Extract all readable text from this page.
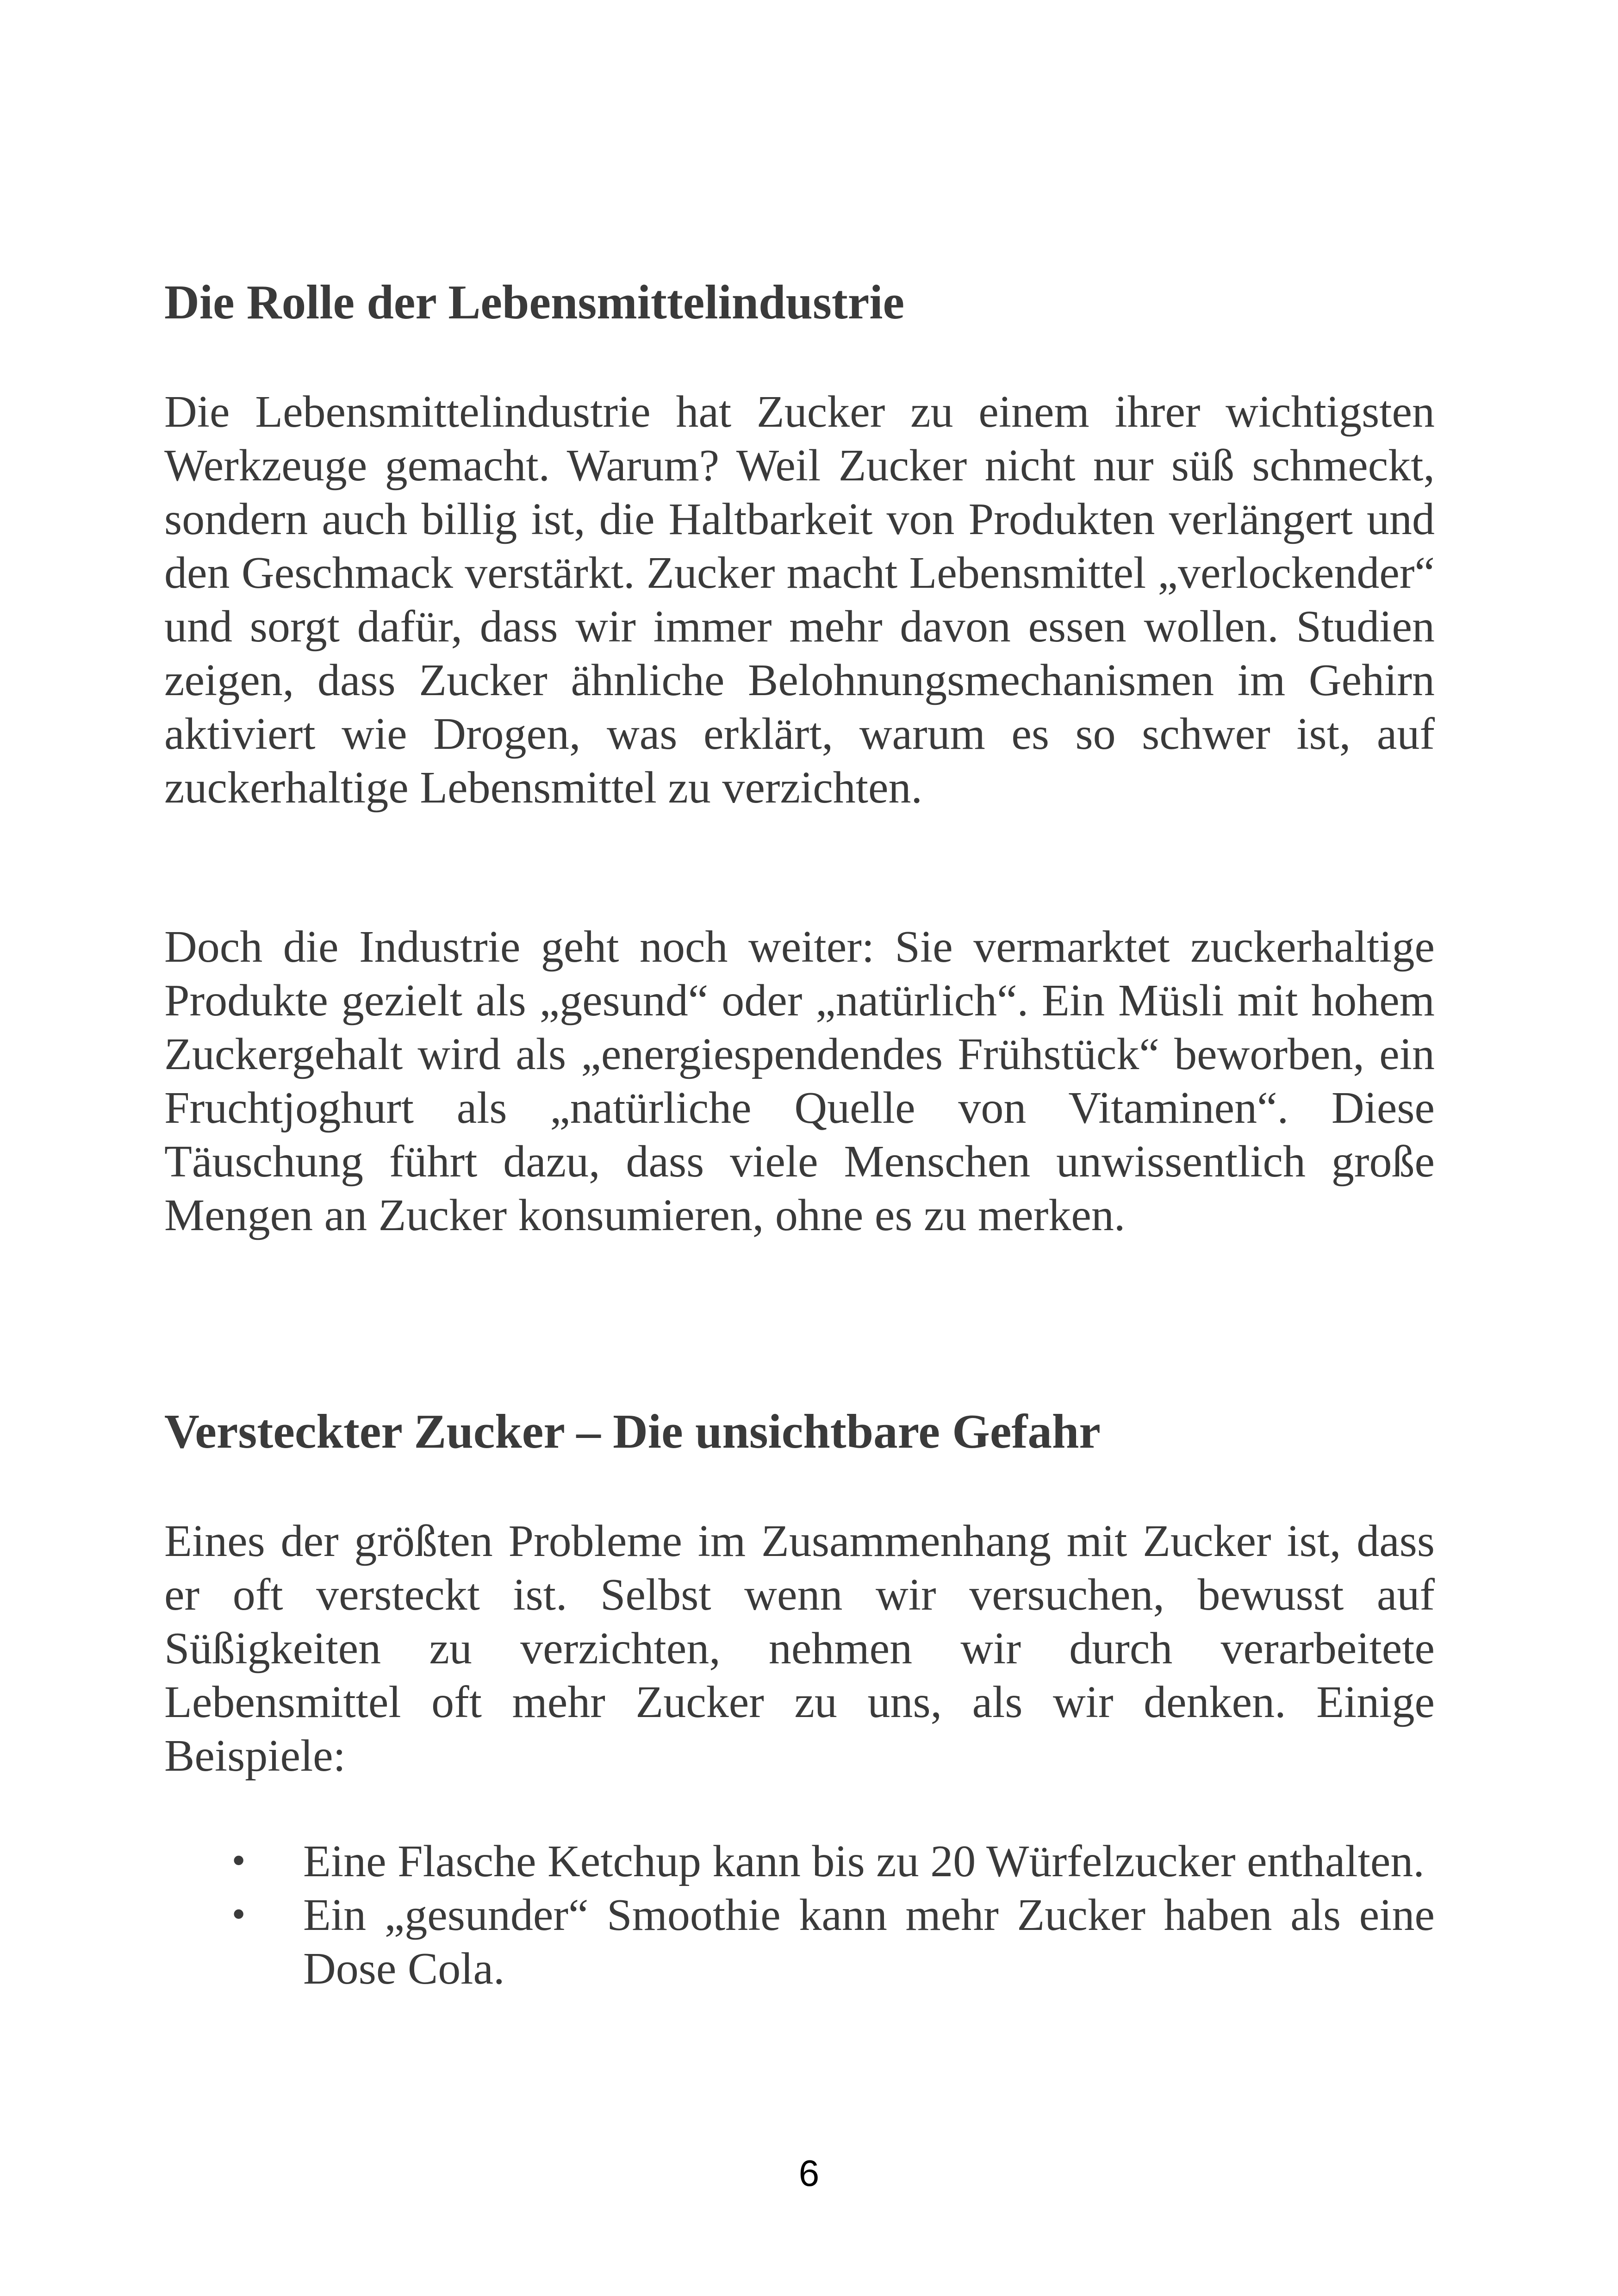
Die Rolle der Lebensmittelindustrie

Die Lebensmittelindustrie hat Zucker zu einem ihrer wichtigsten Werkzeuge gemacht. Warum? Weil Zucker nicht nur süß schmeckt, sondern auch billig ist, die Haltbarkeit von Produkten verlängert und den Geschmack verstärkt. Zucker macht Lebensmittel „verlockender“ und sorgt dafür, dass wir immer mehr davon essen wollen. Studien zeigen, dass Zucker ähnliche Belohnungsmechanismen im Gehirn aktiviert wie Drogen, was erklärt, warum es so schwer ist, auf zuckerhaltige Lebensmittel zu verzichten.

Doch die Industrie geht noch weiter: Sie vermarktet zuckerhaltige Produkte gezielt als „gesund“ oder „natürlich“. Ein Müsli mit hohem Zuckergehalt wird als „energiespendendes Frühstück“ beworben, ein Fruchtjoghurt als „natürliche Quelle von Vitaminen“. Diese Täuschung führt dazu, dass viele Menschen unwissentlich große Mengen an Zucker konsumieren, ohne es zu merken.

Versteckter Zucker – Die unsichtbare Gefahr

Eines der größten Probleme im Zusammenhang mit Zucker ist, dass er oft versteckt ist. Selbst wenn wir versuchen, bewusst auf Süßigkeiten zu verzichten, nehmen wir durch verarbeitete Lebensmittel oft mehr Zucker zu uns, als wir denken. Einige Beispiele:

• Eine Flasche Ketchup kann bis zu 20 Würfelzucker enthalten.
• Ein „gesunder“ Smoothie kann mehr Zucker haben als eine Dose Cola.
6
